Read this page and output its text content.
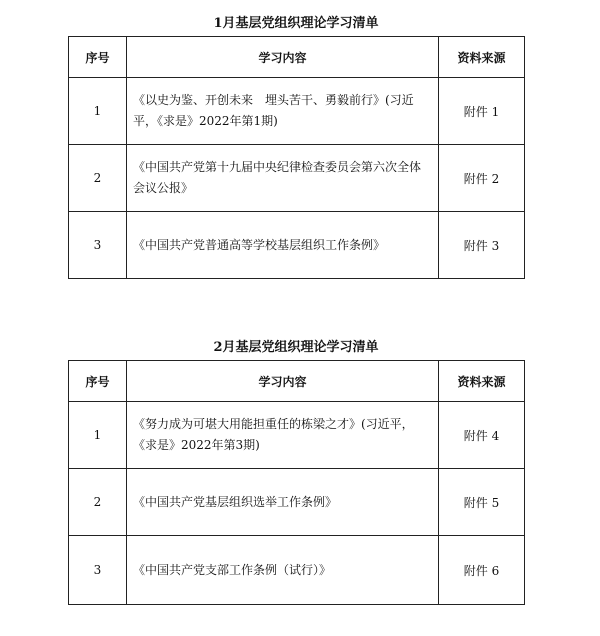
1月基层党组织理论学习清单
序号	学习内容	资料来源
1	《以史为鉴、开创未来　埋头苦干、勇毅前行》(习近平，《求是》2022年第1期)	附件 1
2	《中国共产党第十九届中央纪律检查委员会第六次全体会议公报》	附件 2
3	《中国共产党普通高等学校基层组织工作条例》	附件 3
2月基层党组织理论学习清单
序号	学习内容	资料来源
1	《努力成为可堪大用能担重任的栋梁之才》(习近平，《求是》2022年第3期)	附件 4
2	《中国共产党基层组织选举工作条例》	附件 5
3	《中国共产党支部工作条例（试行）》	附件 6
